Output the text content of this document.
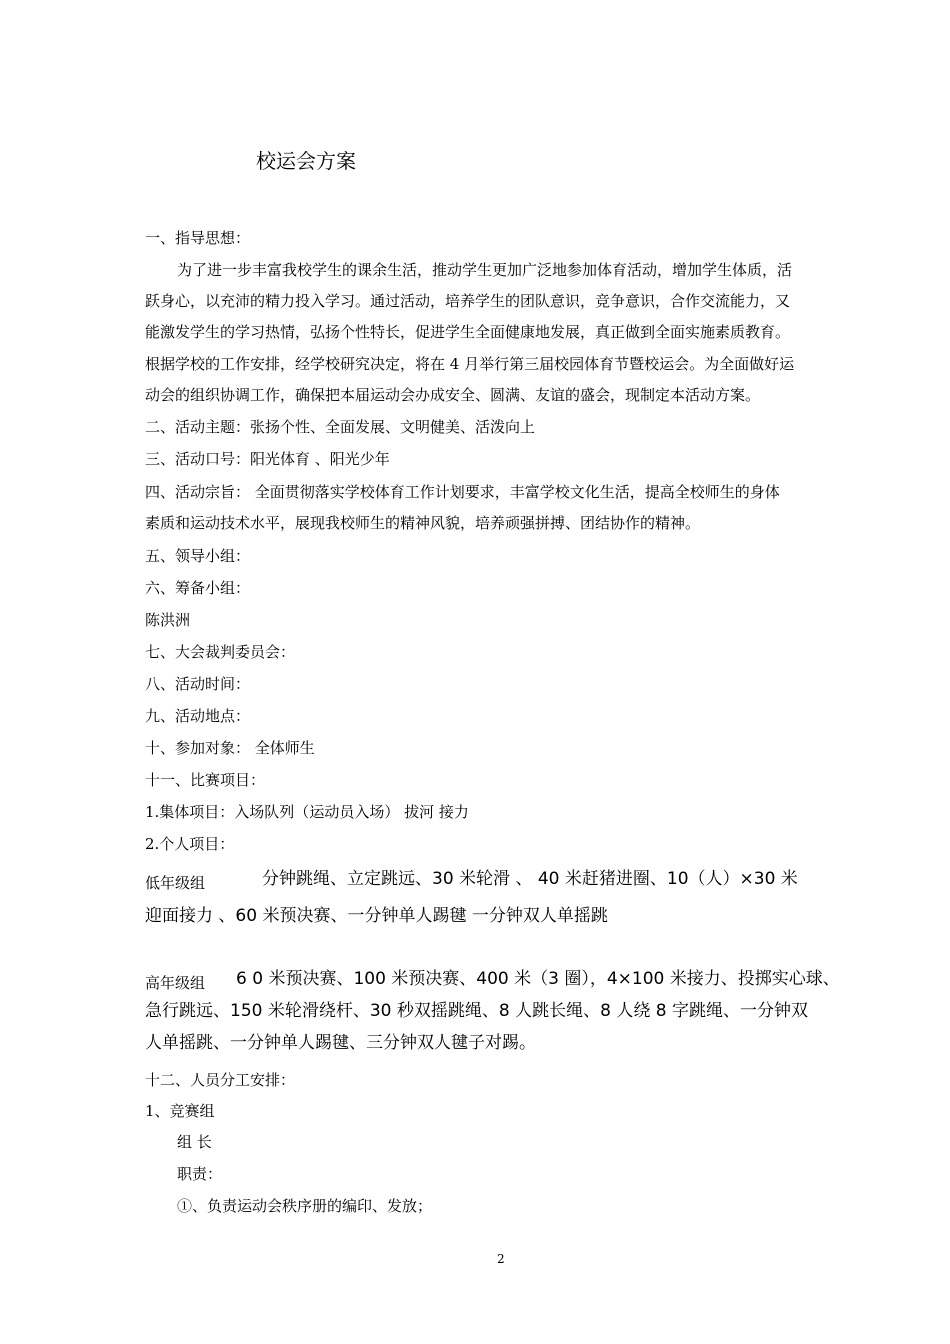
校运会方案
一、指导思想：
为了进一步丰富我校学生的课余生活，推动学生更加广泛地参加体育活动，增加学生体质，活
跃身心，以充沛的精力投入学习。通过活动，培养学生的团队意识，竞争意识，合作交流能力，又
能激发学生的学习热情，弘扬个性特长，促进学生全面健康地发展，真正做到全面实施素质教育。
根据学校的工作安排，经学校研究决定，将在 4 月举行第三届校园体育节暨校运会。为全面做好运
动会的组织协调工作，确保把本届运动会办成安全、圆满、友谊的盛会，现制定本活动方案。
二、活动主题：张扬个性、全面发展、文明健美、活泼向上
三、活动口号：阳光体育 、阳光少年
四、活动宗旨： 全面贯彻落实学校体育工作计划要求，丰富学校文化生活，提高全校师生的身体
素质和运动技术水平，展现我校师生的精神风貌，培养顽强拼搏、团结协作的精神。
五、领导小组：
六、筹备小组：
陈洪洲
七、大会裁判委员会：
八、活动时间：
九、活动地点：
十、参加对象： 全体师生
十一、比赛项目：
1.集体项目：入场队列（运动员入场） 拔河 接力
2.个人项目：
低年级组	分钟跳绳、立定跳远、30 米轮滑 、 40 米赶猪进圈、10（人）×30 米
迎面接力 、60 米预决赛、一分钟单人踢毽 一分钟双人单摇跳
高年级组 6 0 米预决赛、100 米预决赛、400 米（3 圈），4×100 米接力、投掷实心球、
急行跳远、150 米轮滑绕杆、30 秒双摇跳绳、8 人跳长绳、8 人绕 8 字跳绳、一分钟双
人单摇跳、一分钟单人踢毽、三分钟双人毽子对踢。
十二、人员分工安排：
1、竞赛组
组 长
职责：
①、负责运动会秩序册的编印、发放；
2
